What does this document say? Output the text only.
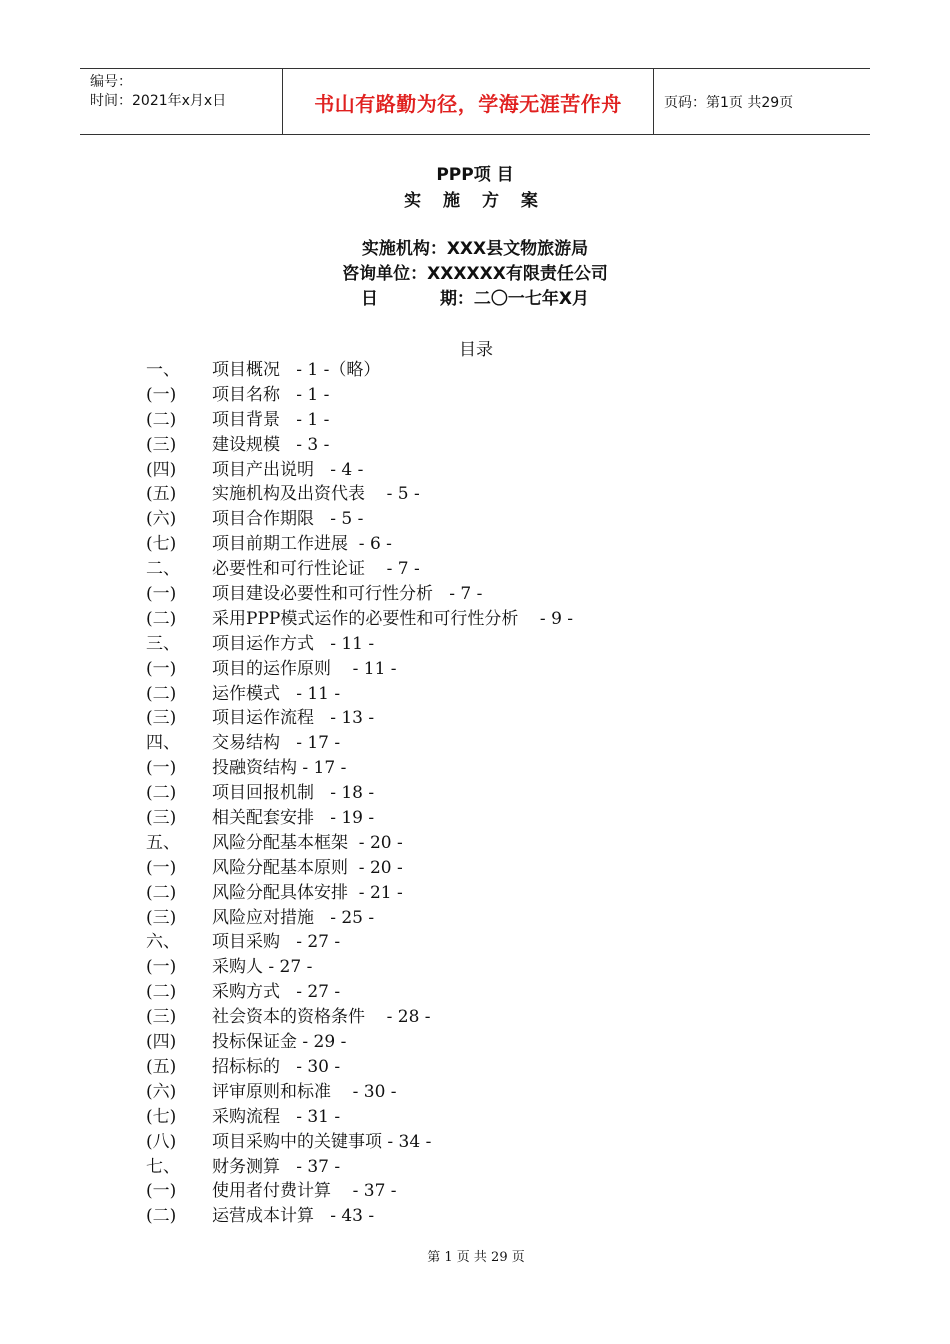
编号：
时间：2021年x月x日	书山有路勤为径，学海无涯苦作舟	页码：第1页 共29页
PPP项 目
实 施 方 案
实施机构：XXX县文物旅游局
咨询单位：XXXXXX有限责任公司
日	期：二〇一七年X月
目录
一、 项目概况   - 1 -（略）
(一) 项目名称   - 1 -
(二) 项目背景   - 1 -
(三) 建设规模   - 3 -
(四) 项目产出说明   - 4 -
(五) 实施机构及出资代表    - 5 -
(六) 项目合作期限   - 5 -
(七) 项目前期工作进展  - 6 -
二、 必要性和可行性论证    - 7 -
(一) 项目建设必要性和可行性分析   - 7 -
(二) 采用PPP模式运作的必要性和可行性分析    - 9 -
三、 项目运作方式   - 11 -
(一) 项目的运作原则    - 11 -
(二) 运作模式   - 11 -
(三) 项目运作流程   - 13 -
四、 交易结构   - 17 -
(一) 投融资结构 - 17 -
(二) 项目回报机制   - 18 -
(三) 相关配套安排   - 19 -
五、 风险分配基本框架  - 20 -
(一) 风险分配基本原则  - 20 -
(二) 风险分配具体安排  - 21 -
(三) 风险应对措施   - 25 -
六、 项目采购   - 27 -
(一) 采购人 - 27 -
(二) 采购方式   - 27 -
(三) 社会资本的资格条件    - 28 -
(四) 投标保证金 - 29 -
(五) 招标标的   - 30 -
(六) 评审原则和标准    - 30 -
(七) 采购流程   - 31 -
(八) 项目采购中的关键事项 - 34 -
七、 财务测算   - 37 -
(一) 使用者付费计算    - 37 -
(二) 运营成本计算   - 43 -
第 1 页 共 29 页
